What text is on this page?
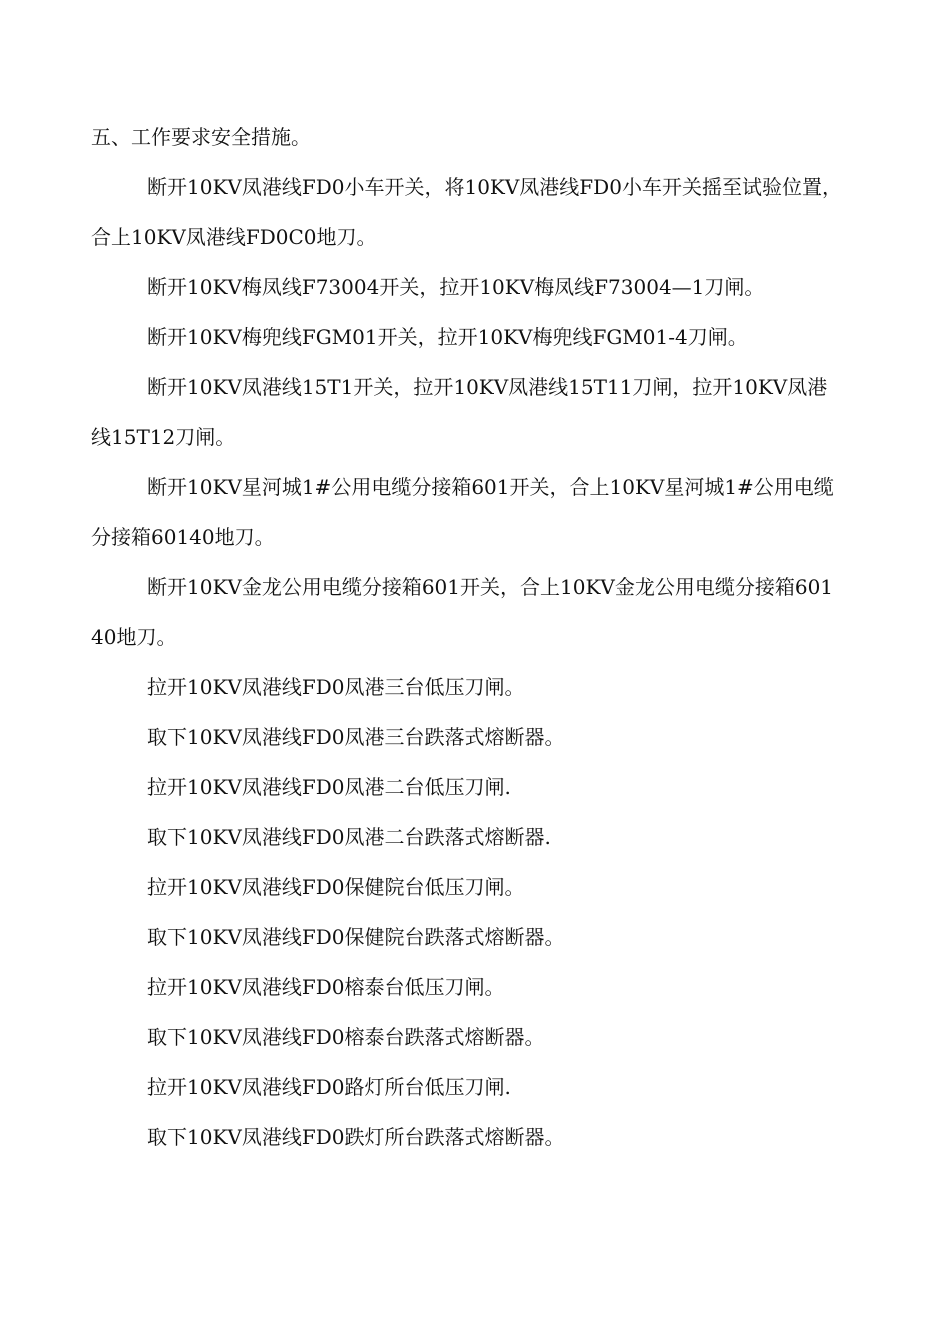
五、工作要求安全措施。

断开10KV凤港线FD0小车开关，将10KV凤港线FD0小车开关摇至试验位置，合上10KV凤港线FD0C0地刀。

断开10KV梅凤线F73004开关，拉开10KV梅凤线F73004—1刀闸。

断开10KV梅兜线FGM01开关，拉开10KV梅兜线FGM01-4刀闸。

断开10KV凤港线15T1开关，拉开10KV凤港线15T11刀闸，拉开10KV凤港线15T12刀闸。

断开10KV星河城1#公用电缆分接箱601开关，合上10KV星河城1#公用电缆分接箱60140地刀。

断开10KV金龙公用电缆分接箱601开关，合上10KV金龙公用电缆分接箱60140地刀。

拉开10KV凤港线FD0凤港三台低压刀闸。

取下10KV凤港线FD0凤港三台跌落式熔断器。

拉开10KV凤港线FD0凤港二台低压刀闸.

取下10KV凤港线FD0凤港二台跌落式熔断器.

拉开10KV凤港线FD0保健院台低压刀闸。

取下10KV凤港线FD0保健院台跌落式熔断器。

拉开10KV凤港线FD0榕泰台低压刀闸。

取下10KV凤港线FD0榕泰台跌落式熔断器。

拉开10KV凤港线FD0路灯所台低压刀闸.

取下10KV凤港线FD0跌灯所台跌落式熔断器。
